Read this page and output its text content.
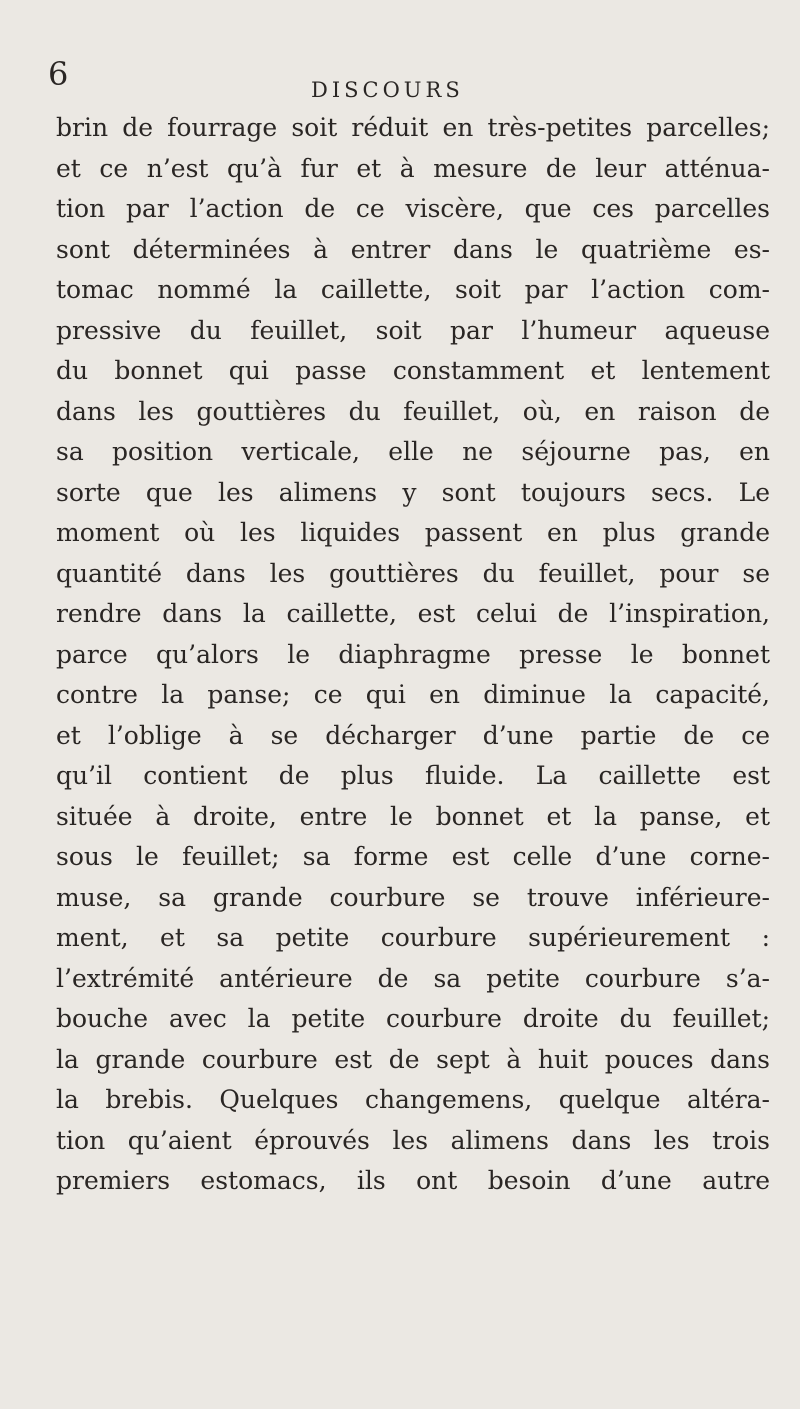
6	DISCOURS
brin de fourrage soit réduit en très-petites parcelles;
et ce n’est qu’à fur et à mesure de leur atténua-
tion par l’action de ce viscère, que ces parcelles
sont déterminées à entrer dans le quatrième es-
tomac nommé la caillette, soit par l’action com-
pressive du feuillet, soit par l’humeur aqueuse
du bonnet qui passe constamment et lentement
dans les gouttières du feuillet, où, en raison de
sa position verticale, elle ne séjourne pas, en
sorte que les alimens y sont toujours secs. Le
moment où les liquides passent en plus grande
quantité dans les gouttières du feuillet, pour se
rendre dans la caillette, est celui de l’inspiration,
parce qu’alors le diaphragme presse le bonnet
contre la panse; ce qui en diminue la capacité,
et l’oblige à se décharger d’une partie de ce
qu’il contient de plus fluide. La caillette est
située à droite, entre le bonnet et la panse, et
sous le feuillet; sa forme est celle d’une corne-
muse, sa grande courbure se trouve inférieure-
ment, et sa petite courbure supérieurement :
l’extrémité antérieure de sa petite courbure s’a-
bouche avec la petite courbure droite du feuillet;
la grande courbure est de sept à huit pouces dans
la brebis. Quelques changemens, quelque altéra-
tion qu’aient éprouvés les alimens dans les trois
premiers estomacs, ils ont besoin d’une autre
